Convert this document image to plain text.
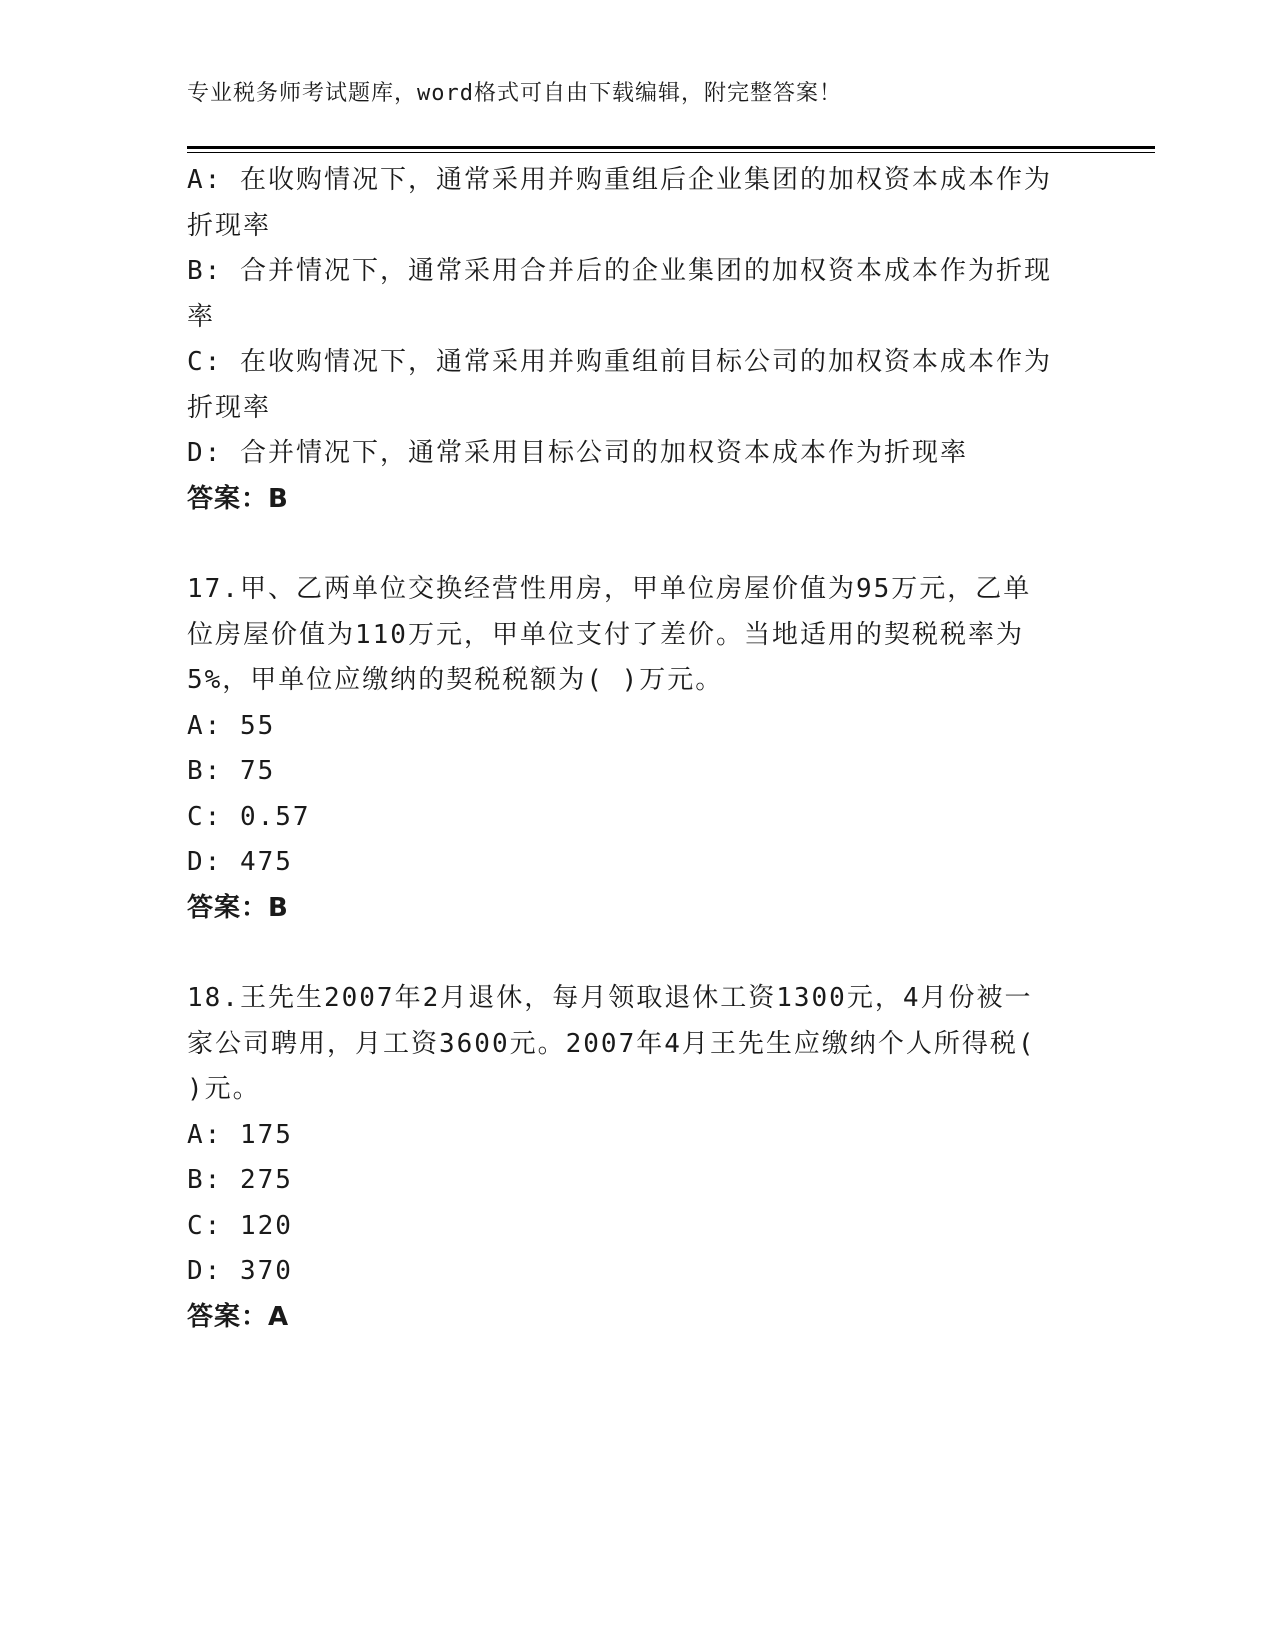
专业税务师考试题库，word格式可自由下载编辑，附完整答案！
A: 在收购情况下，通常采用并购重组后企业集团的加权资本成本作为
折现率
B: 合并情况下，通常采用合并后的企业集团的加权资本成本作为折现
率
C: 在收购情况下，通常采用并购重组前目标公司的加权资本成本作为
折现率
D: 合并情况下，通常采用目标公司的加权资本成本作为折现率
答案：B
17.甲、乙两单位交换经营性用房，甲单位房屋价值为95万元，乙单
位房屋价值为110万元，甲单位支付了差价。当地适用的契税税率为
5%，甲单位应缴纳的契税税额为( )万元。
A: 55
B: 75
C: 0.57
D: 475
答案：B
18.王先生2007年2月退休，每月领取退休工资1300元，4月份被一
家公司聘用，月工资3600元。2007年4月王先生应缴纳个人所得税(
)元。
A: 175
B: 275
C: 120
D: 370
答案：A
